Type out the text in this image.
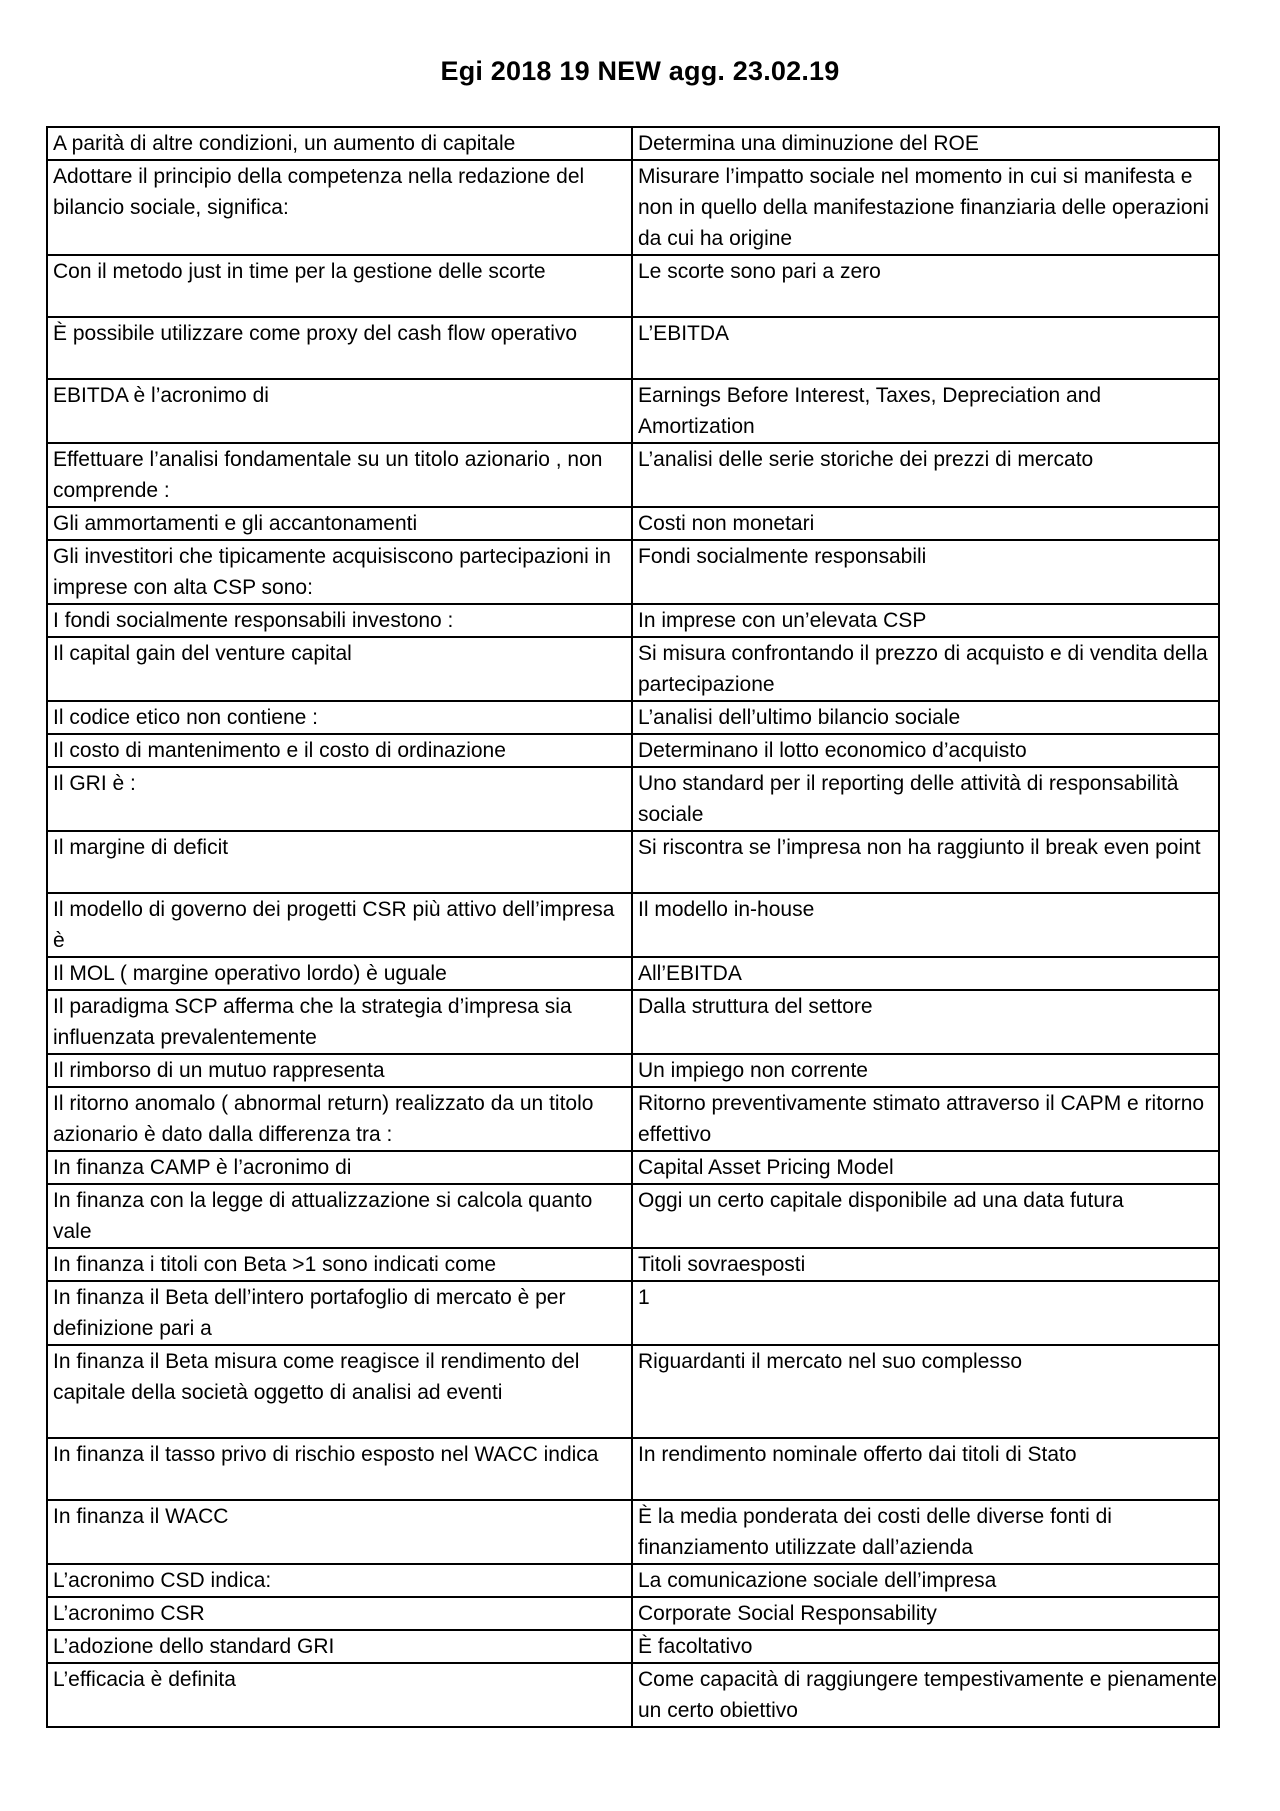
Egi 2018 19 NEW agg. 23.02.19
A parità di altre condizioni, un aumento di capitale	Determina una diminuzione del ROE
Adottare il principio della competenza nella redazione del bilancio sociale, significa:	Misurare l’impatto sociale nel momento in cui si manifesta e non in quello della manifestazione finanziaria delle operazioni da cui ha origine
Con il metodo just in time per la gestione delle scorte	Le scorte sono pari a zero
È possibile utilizzare come proxy del cash flow operativo	L’EBITDA
EBITDA è l’acronimo di	Earnings Before Interest, Taxes, Depreciation and Amortization
Effettuare l’analisi fondamentale su un titolo azionario , non comprende :	L’analisi delle serie storiche dei prezzi di mercato
Gli ammortamenti e gli accantonamenti	Costi non monetari
Gli investitori che tipicamente acquisiscono partecipazioni in imprese con alta CSP sono:	Fondi socialmente responsabili
I fondi socialmente responsabili investono :	In imprese con un’elevata CSP
Il capital gain del venture capital	Si misura confrontando il prezzo di acquisto e di vendita della partecipazione
Il codice etico non contiene :	L’analisi dell’ultimo bilancio sociale
Il costo di mantenimento e il costo di ordinazione	Determinano il lotto economico d’acquisto
Il GRI è :	Uno standard per il reporting delle attività di responsabilità sociale
Il margine di deficit	Si riscontra se l’impresa non ha raggiunto il break even point
Il modello di governo dei progetti CSR più attivo dell’impresa è	Il modello in-house
Il MOL ( margine operativo lordo) è uguale	All’EBITDA
Il paradigma SCP afferma che la strategia d’impresa sia influenzata prevalentemente	Dalla struttura del settore
Il rimborso di un mutuo rappresenta	Un impiego non corrente
Il ritorno anomalo ( abnormal return) realizzato da un titolo azionario è dato dalla differenza tra :	Ritorno preventivamente stimato attraverso il CAPM e ritorno effettivo
In finanza CAMP è l’acronimo di	Capital Asset Pricing Model
In finanza con la legge di attualizzazione si calcola quanto vale	Oggi un certo capitale disponibile ad una data futura
In finanza i titoli con Beta >1 sono indicati come	Titoli sovraesposti
In finanza il Beta dell’intero portafoglio di mercato è per definizione pari a	1
In finanza il Beta misura come reagisce il rendimento del capitale della società oggetto di analisi ad eventi	Riguardanti il mercato nel suo complesso
In finanza il tasso privo di rischio esposto nel WACC indica	In rendimento nominale offerto dai titoli di Stato
In finanza il WACC	È la media ponderata dei costi delle diverse fonti di finanziamento utilizzate dall’azienda
L’acronimo CSD indica:	La comunicazione sociale dell’impresa
L’acronimo CSR	Corporate Social Responsability
L’adozione dello standard GRI	È facoltativo
L’efficacia è definita	Come capacità di raggiungere tempestivamente e pienamente un certo obiettivo
